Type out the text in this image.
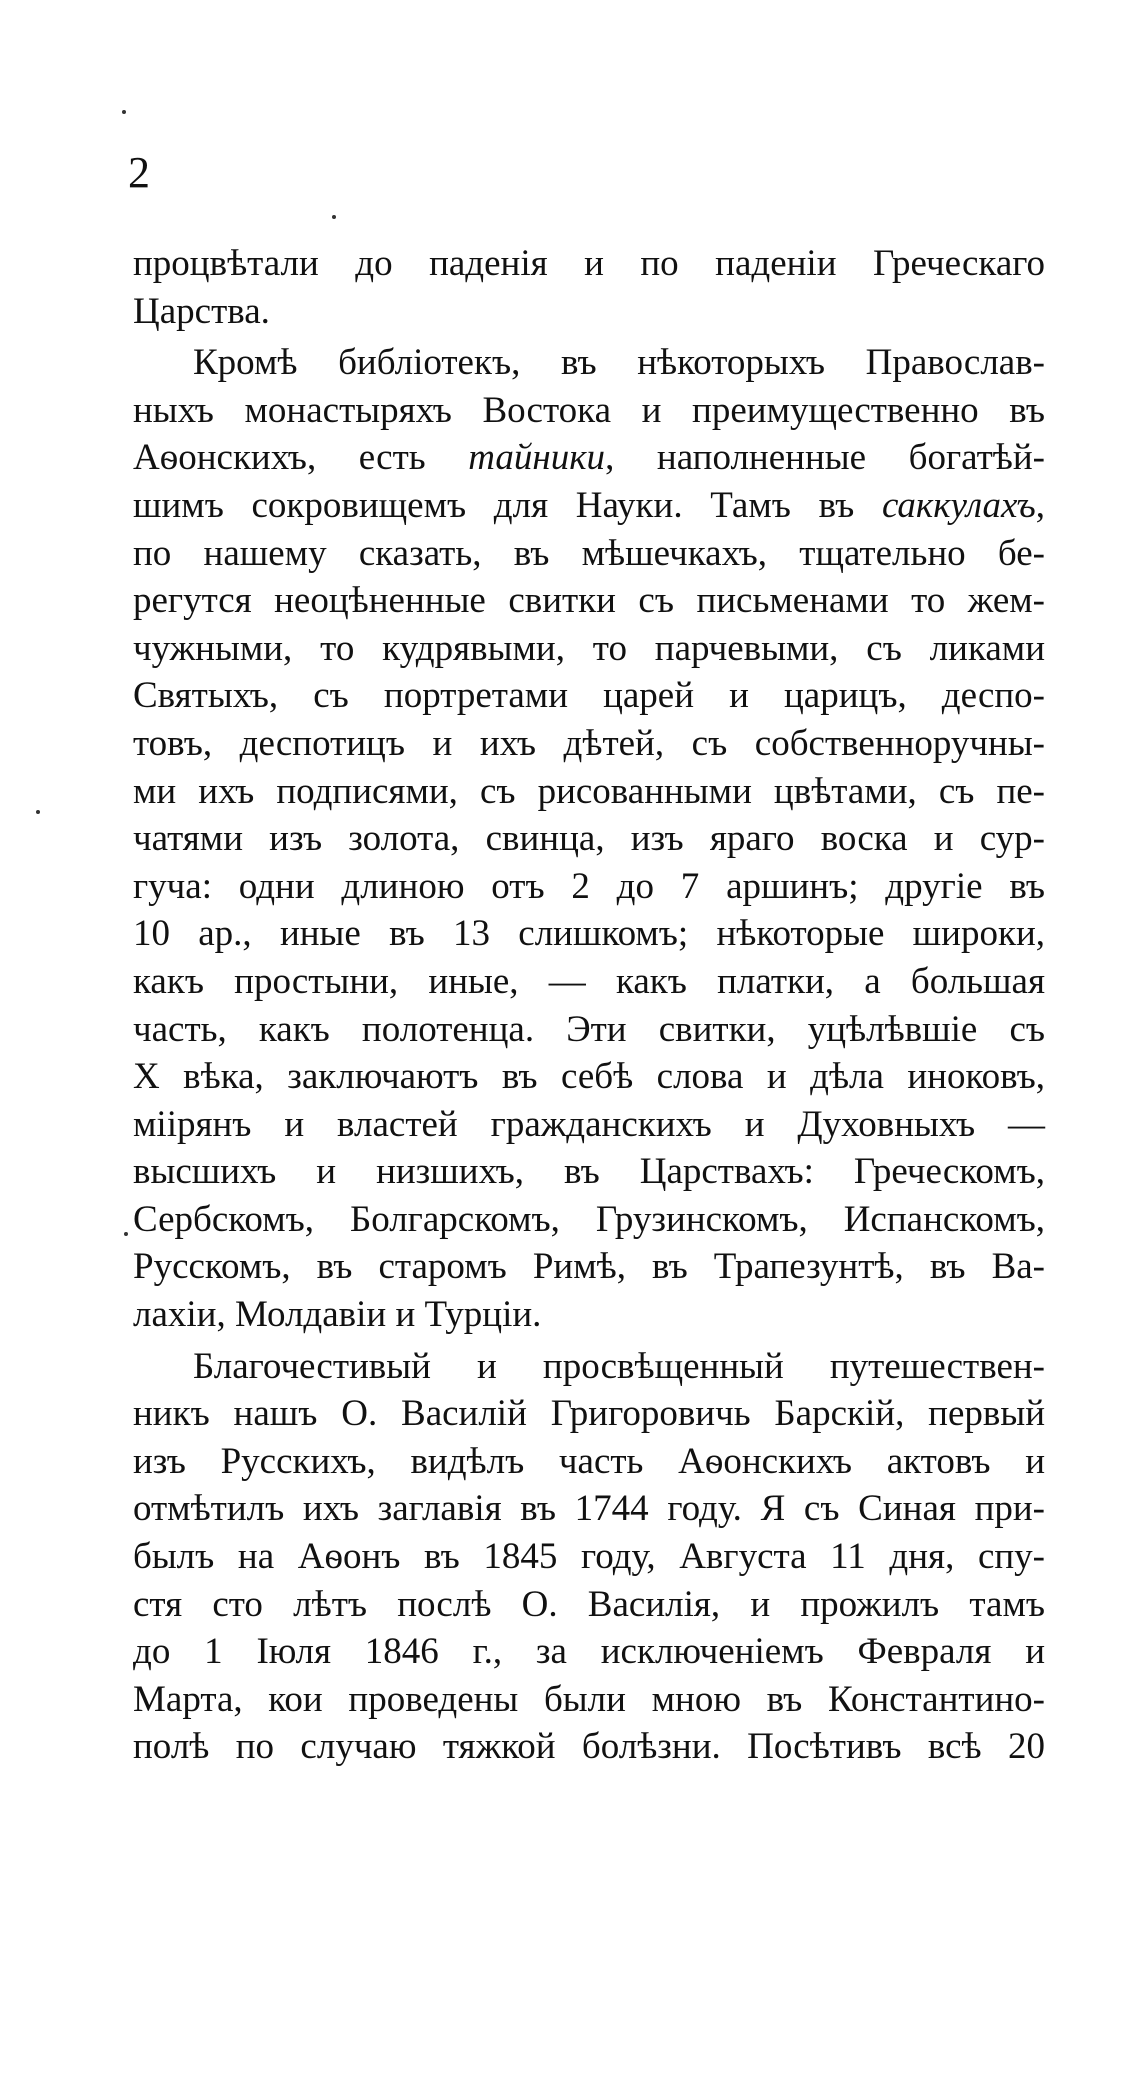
2
процвѣтали до паденія и по паденіи Греческаго
Царства.
Кромѣ библіотекъ, въ нѣкоторыхъ Православ-
ныхъ монастыряхъ Востока и преимущественно въ
Аѳонскихъ, есть тайники, наполненные богатѣй-
шимъ сокровищемъ для Науки. Тамъ въ саккулахъ,
по нашему сказать, въ мѣшечкахъ, тщательно бе-
регутся неоцѣненные свитки съ письменами то жем-
чужными, то кудрявыми, то парчевыми, съ ликами
Святыхъ, съ портретами царей и царицъ, деспо-
товъ, деспотицъ и ихъ дѣтей, съ собственноручны-
ми ихъ подписями, съ рисованными цвѣтами, съ пе-
чатями изъ золота, свинца, изъ яраго воска и сур-
гуча: одни длиною отъ 2 до 7 аршинъ; другіе въ
10 ар., иные въ 13 слишкомъ; нѣкоторые широки,
какъ простыни, иные, — какъ платки, а большая
часть, какъ полотенца. Эти свитки, уцѣлѣвшіе съ
X вѣка, заключаютъ въ себѣ слова и дѣла иноковъ,
міірянъ и властей гражданскихъ и Духовныхъ —
высшихъ и низшихъ, въ Царствахъ: Греческомъ,
Сербскомъ, Болгарскомъ, Грузинскомъ, Испанскомъ,
Русскомъ, въ старомъ Римѣ, въ Трапезунтѣ, въ Ва-
лахіи, Молдавіи и Турціи.
Благочестивый и просвѣщенный путешествен-
никъ нашъ О. Василій Григоровичь Барскій, первый
изъ Русскихъ, видѣлъ часть Аѳонскихъ актовъ и
отмѣтилъ ихъ заглавія въ 1744 году. Я съ Синая при-
былъ на Аѳонъ въ 1845 году, Августа 11 дня, спу-
стя сто лѣтъ послѣ О. Василія, и прожилъ тамъ
до 1 Іюля 1846 г., за исключеніемъ Февраля и
Марта, кои проведены были мною въ Константино-
полѣ по случаю тяжкой болѣзни. Посѣтивъ всѣ 20
